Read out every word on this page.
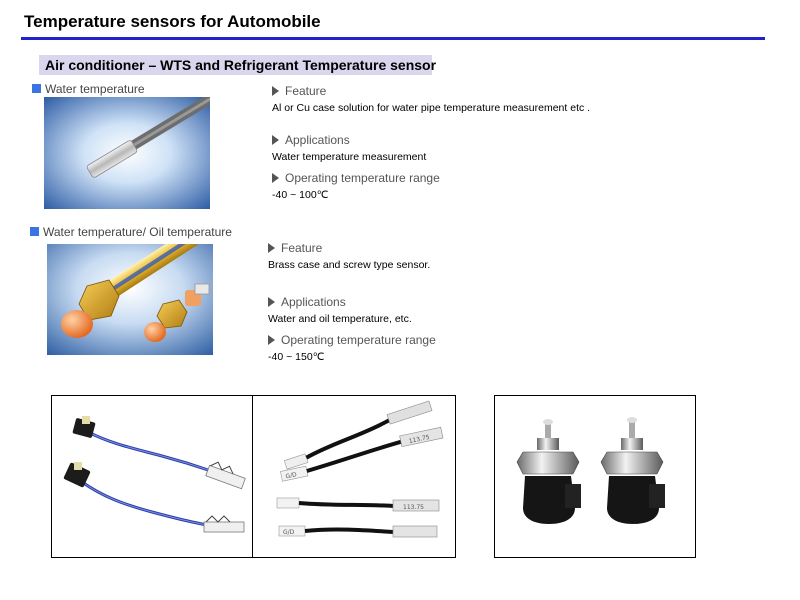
Temperature sensors for Automobile
Air conditioner – WTS and Refrigerant Temperature sensor
Water temperature	Feature
Al or Cu case solution for water pipe temperature measurement etc .
Applications
Water temperature measurement
Operating temperature range
-40 ~ 100℃
Water temperature/ Oil temperature
Feature
Brass case and screw type sensor.
Applications
Water and oil temperature, etc.
Operating temperature range
-40 ~ 150℃
G/D
113.75
113.75
G/D
